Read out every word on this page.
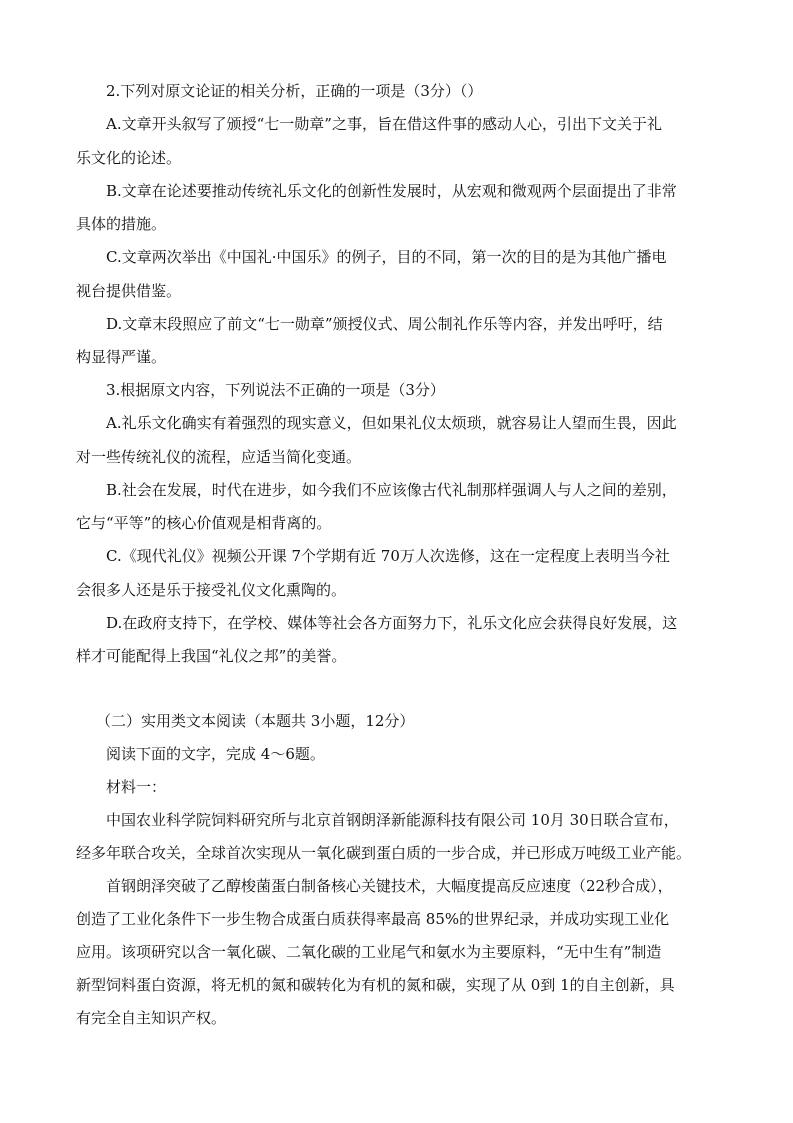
2.下列对原文论证的相关分析，正确的一项是（3分）（）
A.文章开头叙写了颁授“七一勋章”之事，旨在借这件事的感动人心，引出下文关于礼
乐文化的论述。
B.文章在论述要推动传统礼乐文化的创新性发展时，从宏观和微观两个层面提出了非常
具体的措施。
C.文章两次举出《中国礼·中国乐》的例子，目的不同，第一次的目的是为其他广播电
视台提供借鉴。
D.文章末段照应了前文“七一勋章”颁授仪式、周公制礼作乐等内容，并发出呼吁，结
构显得严谨。
3.根据原文内容，下列说法不正确的一项是（3分）
A.礼乐文化确实有着强烈的现实意义，但如果礼仪太烦琐，就容易让人望而生畏，因此
对一些传统礼仪的流程，应适当简化变通。
B.社会在发展，时代在进步，如今我们不应该像古代礼制那样强调人与人之间的差别，
它与“平等”的核心价值观是相背离的。
C.《现代礼仪》视频公开课 7个学期有近 70万人次选修，这在一定程度上表明当今社
会很多人还是乐于接受礼仪文化熏陶的。
D.在政府支持下，在学校、媒体等社会各方面努力下，礼乐文化应会获得良好发展，这
样才可能配得上我国“礼仪之邦”的美誉。
（二）实用类文本阅读（本题共 3小题，12分）
阅读下面的文字，完成 4～6题。
材料一：
中国农业科学院饲料研究所与北京首钢朗泽新能源科技有限公司 10月 30日联合宣布，
经多年联合攻关，全球首次实现从一氧化碳到蛋白质的一步合成，并已形成万吨级工业产能。
首钢朗泽突破了乙醇梭菌蛋白制备核心关键技术，大幅度提高反应速度（22秒合成），
创造了工业化条件下一步生物合成蛋白质获得率最高 85%的世界纪录，并成功实现工业化
应用。该项研究以含一氧化碳、二氧化碳的工业尾气和氨水为主要原料，“无中生有”制造
新型饲料蛋白资源，将无机的氮和碳转化为有机的氮和碳，实现了从 0到 1的自主创新，具
有完全自主知识产权。
